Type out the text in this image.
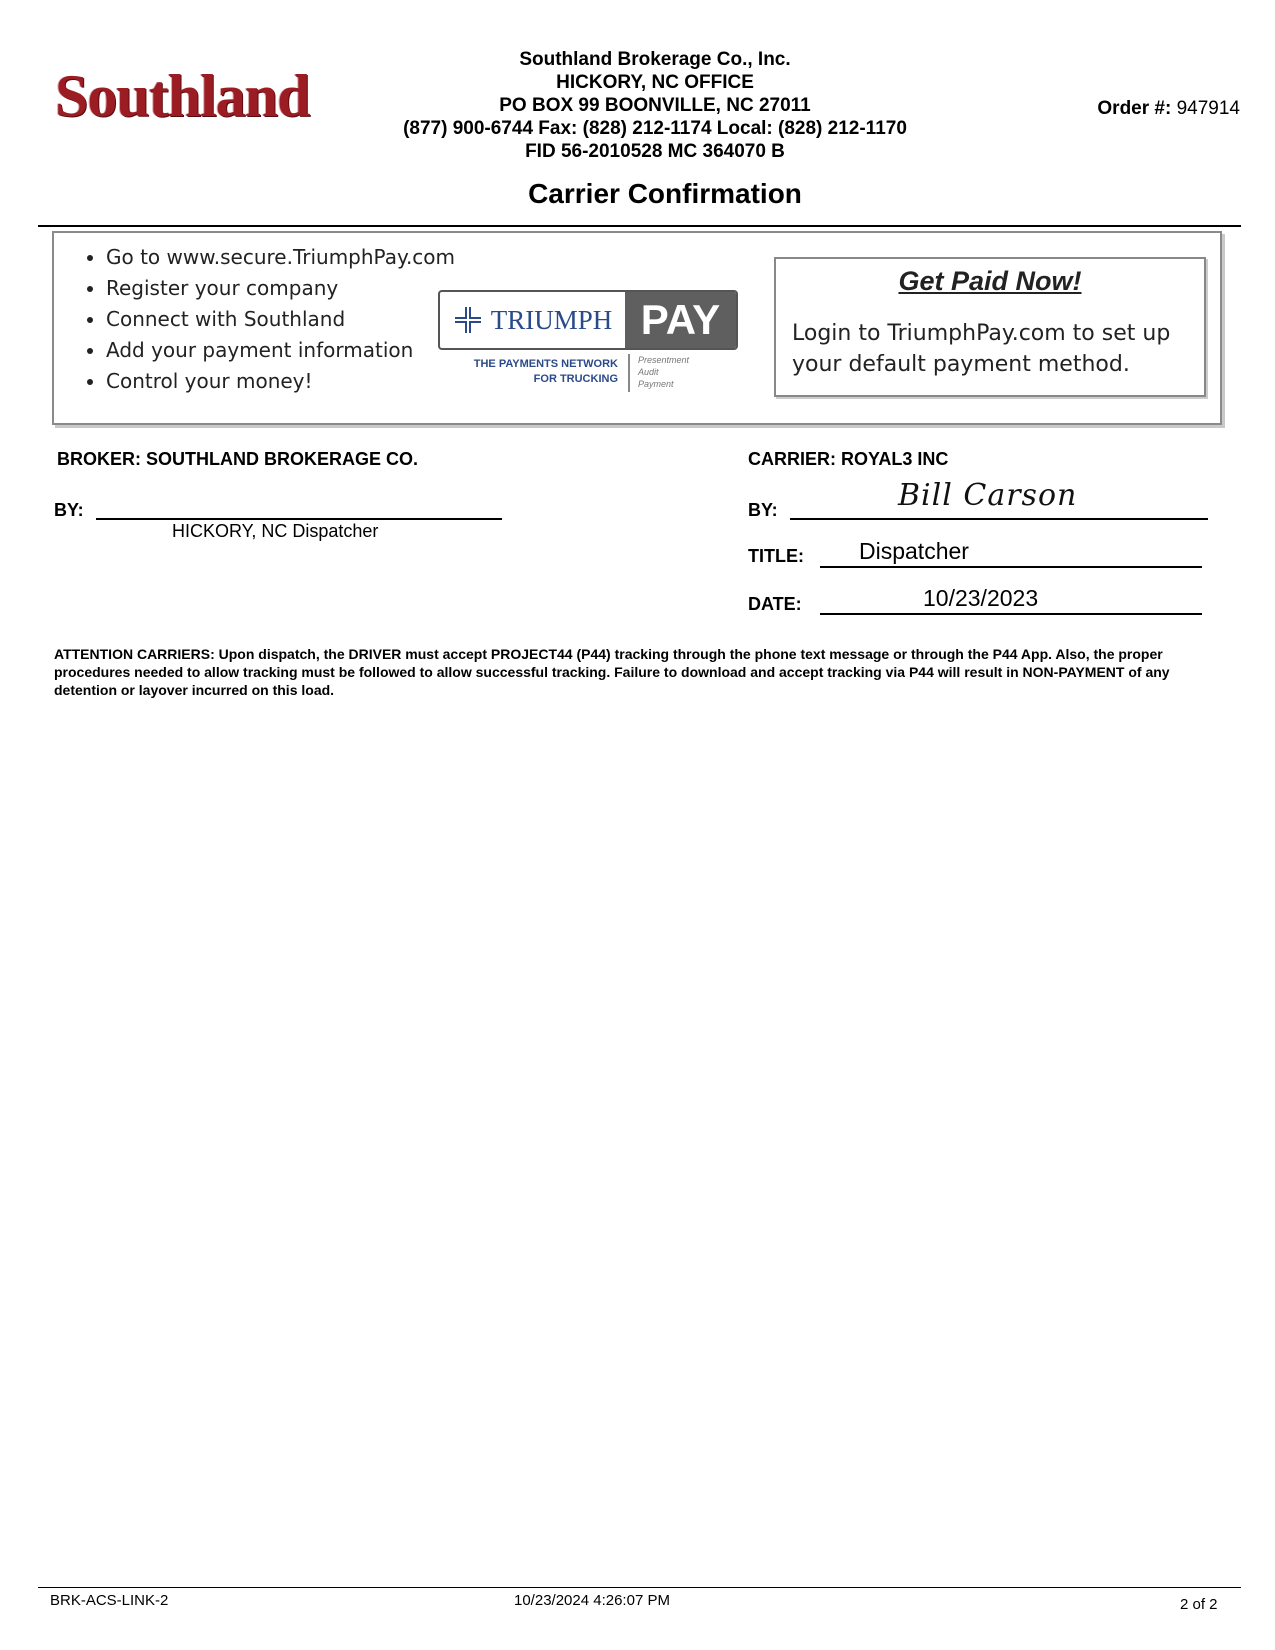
Southland
Southland Brokerage Co., Inc.
HICKORY, NC OFFICE
PO BOX 99 BOONVILLE, NC 27011
(877) 900-6744 Fax: (828) 212-1174 Local: (828) 212-1170
FID 56-2010528 MC 364070 B
Order #: 947914
Carrier Confirmation
• Go to www.secure.TriumphPay.com
• Register your company
• Connect with Southland
• Add your payment information
• Control your money!
TRIUMPH PAY
THE PAYMENTS NETWORK
FOR TRUCKING
Presentment
Audit
Payment
Get Paid Now!
Login to TriumphPay.com to set up your default payment method.
BROKER: SOUTHLAND BROKERAGE CO.
BY:
HICKORY, NC Dispatcher
CARRIER: ROYAL3 INC
BY:	Bill Carson
TITLE: Dispatcher
DATE:	10/23/2023
ATTENTION CARRIERS: Upon dispatch, the DRIVER must accept PROJECT44 (P44) tracking through the phone text message or through the P44 App. Also, the proper procedures needed to allow tracking must be followed to allow successful tracking. Failure to download and accept tracking via P44 will result in NON-PAYMENT of any detention or layover incurred on this load.
BRK-ACS-LINK-2	10/23/2024 4:26:07 PM	2 of 2
